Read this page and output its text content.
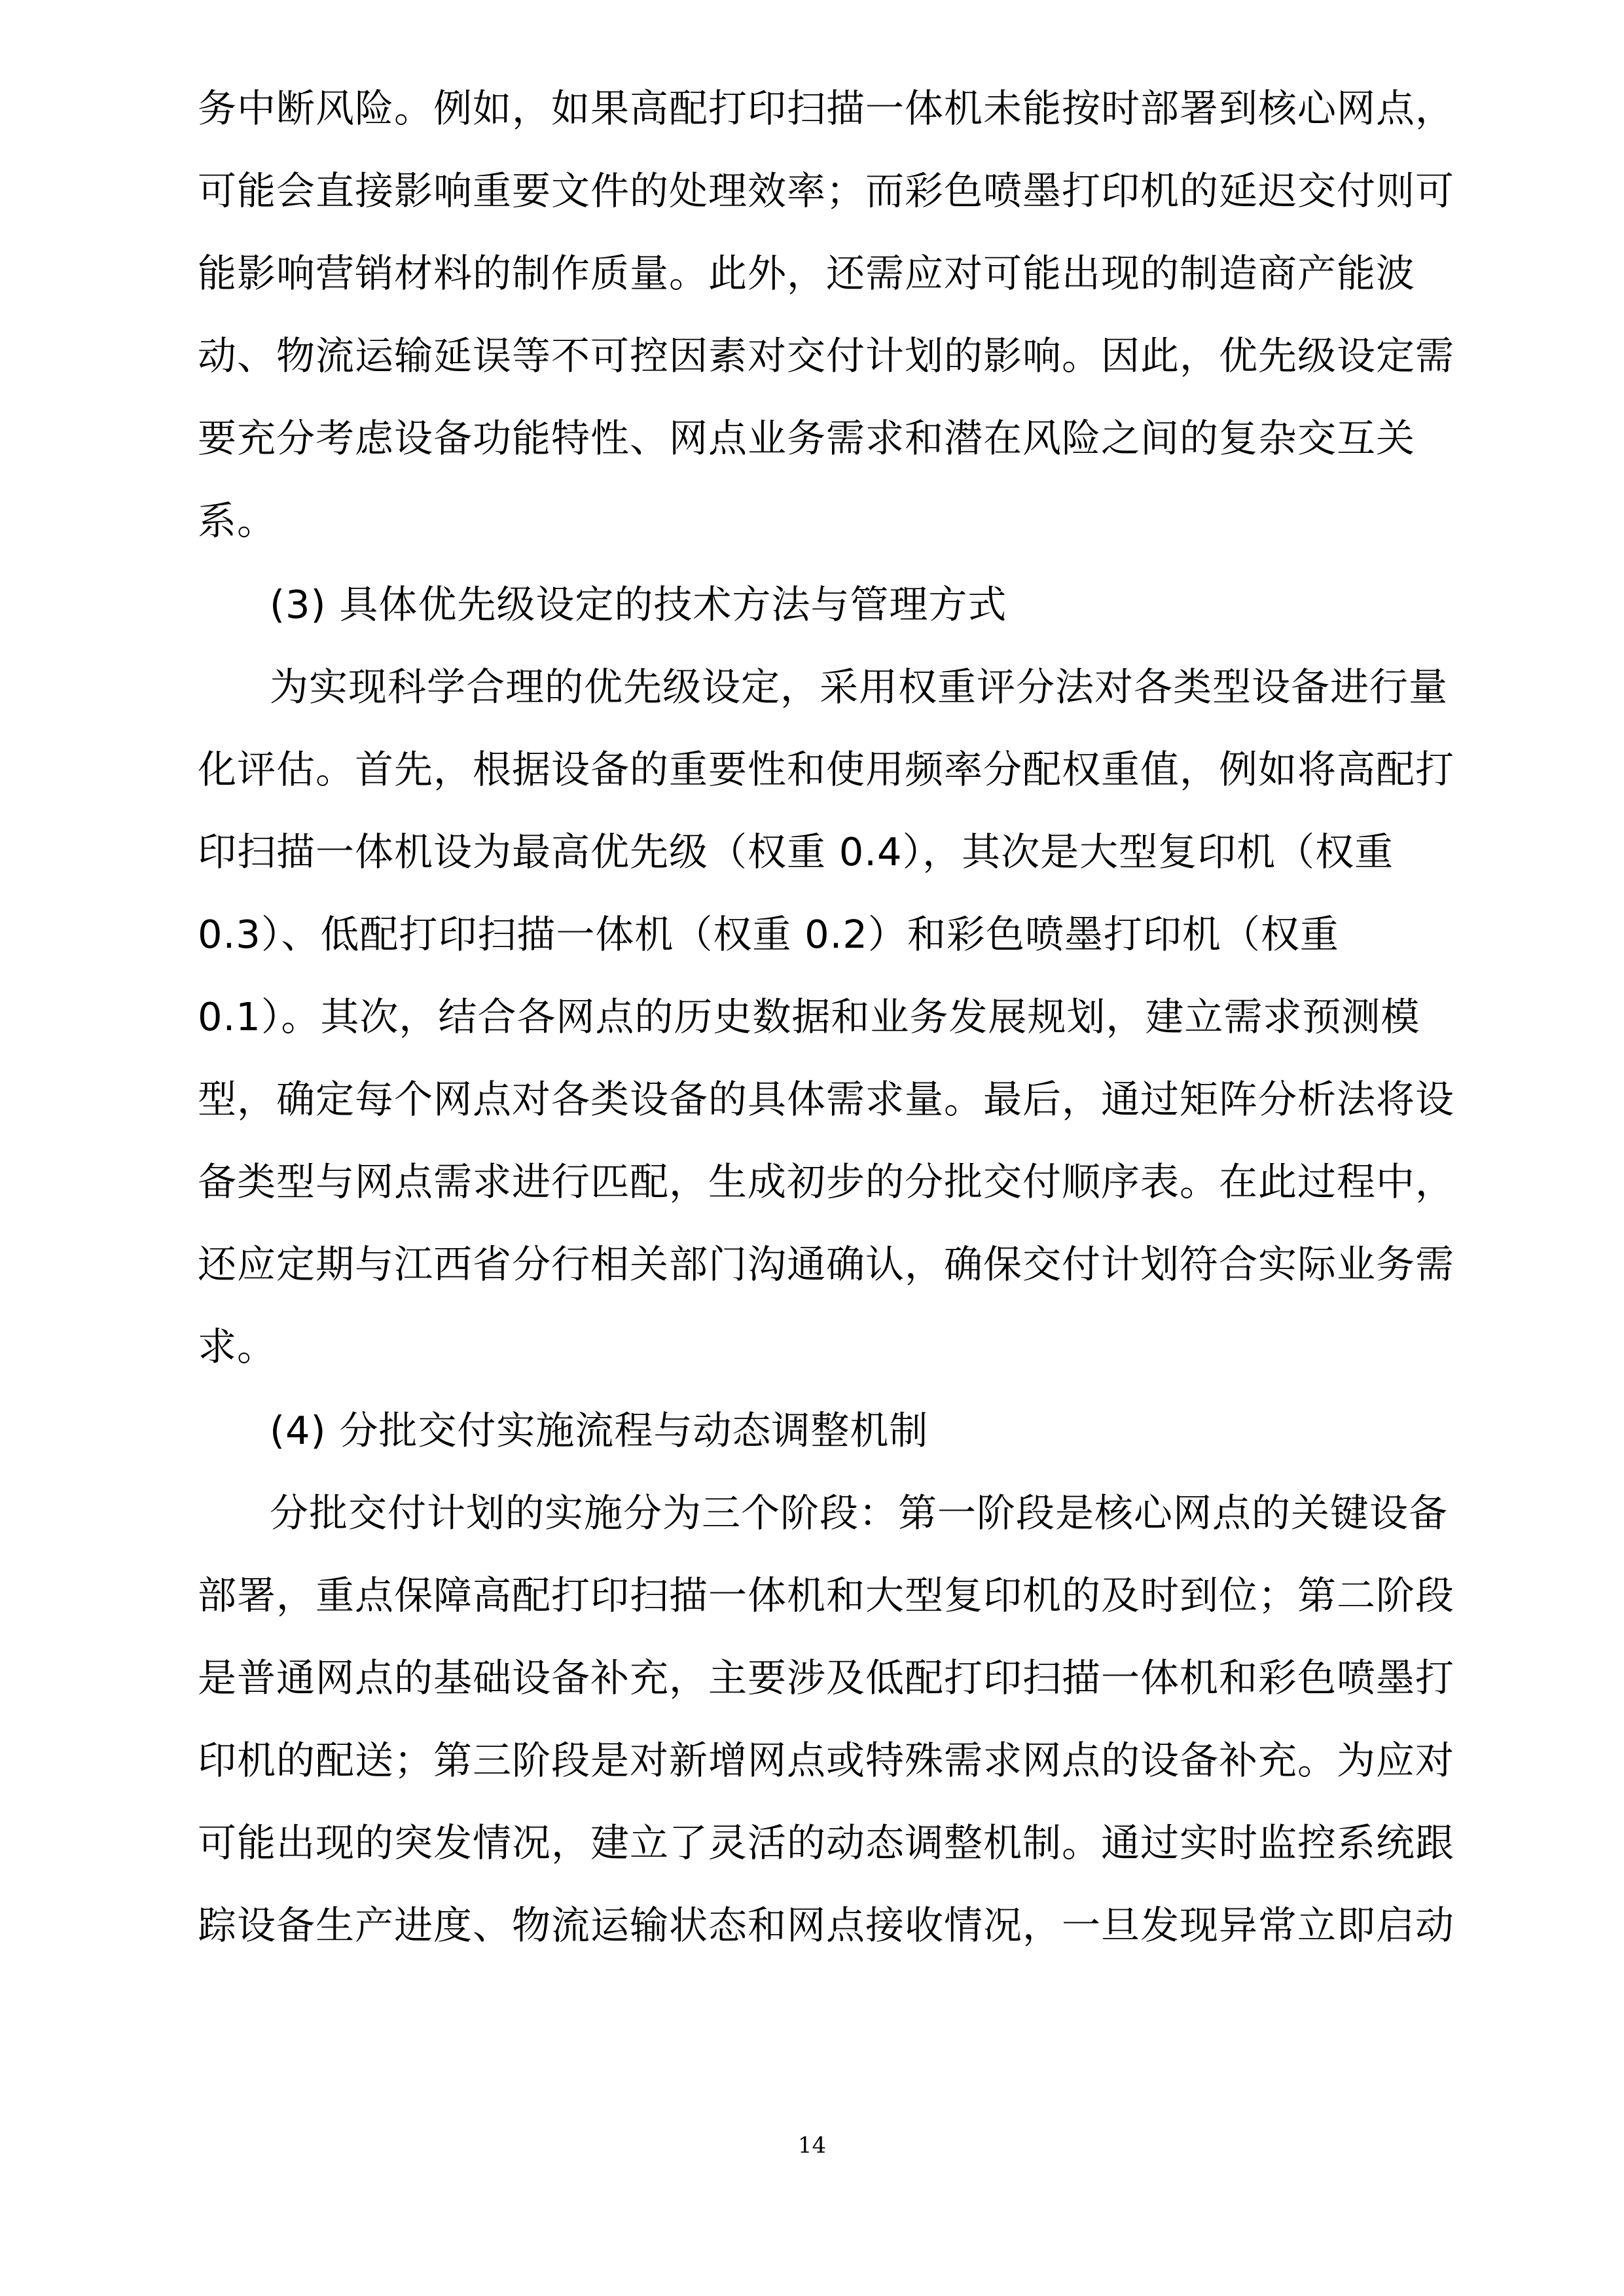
务中断风险。例如，如果高配打印扫描一体机未能按时部署到核心网点，
可能会直接影响重要文件的处理效率；而彩色喷墨打印机的延迟交付则可
能影响营销材料的制作质量。此外，还需应对可能出现的制造商产能波
动、物流运输延误等不可控因素对交付计划的影响。因此，优先级设定需
要充分考虑设备功能特性、网点业务需求和潜在风险之间的复杂交互关
系。
(3) 具体优先级设定的技术方法与管理方式
为实现科学合理的优先级设定，采用权重评分法对各类型设备进行量
化评估。首先，根据设备的重要性和使用频率分配权重值，例如将高配打
印扫描一体机设为最高优先级（权重 0.4），其次是大型复印机（权重
0.3）、低配打印扫描一体机（权重 0.2）和彩色喷墨打印机（权重
0.1）。其次，结合各网点的历史数据和业务发展规划，建立需求预测模
型，确定每个网点对各类设备的具体需求量。最后，通过矩阵分析法将设
备类型与网点需求进行匹配，生成初步的分批交付顺序表。在此过程中，
还应定期与江西省分行相关部门沟通确认，确保交付计划符合实际业务需
求。
(4) 分批交付实施流程与动态调整机制
分批交付计划的实施分为三个阶段：第一阶段是核心网点的关键设备
部署，重点保障高配打印扫描一体机和大型复印机的及时到位；第二阶段
是普通网点的基础设备补充，主要涉及低配打印扫描一体机和彩色喷墨打
印机的配送；第三阶段是对新增网点或特殊需求网点的设备补充。为应对
可能出现的突发情况，建立了灵活的动态调整机制。通过实时监控系统跟
踪设备生产进度、物流运输状态和网点接收情况，一旦发现异常立即启动
14
